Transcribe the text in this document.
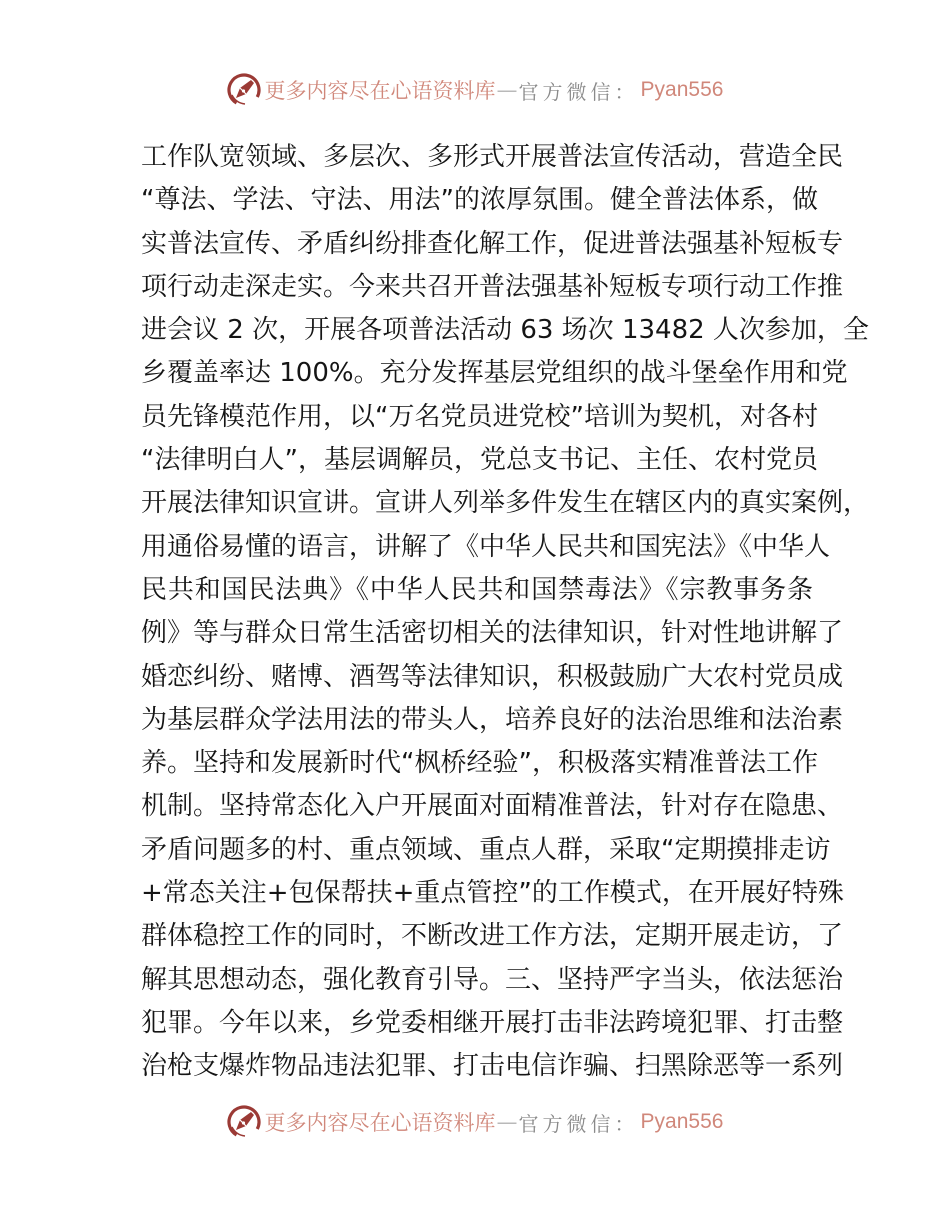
更多内容尽在心语资料库 — 官方微信： Pyan556
工作队宽领域、多层次、多形式开展普法宣传活动，营造全民
“尊法、学法、守法、用法”的浓厚氛围。健全普法体系，做
实普法宣传、矛盾纠纷排查化解工作，促进普法强基补短板专
项行动走深走实。今来共召开普法强基补短板专项行动工作推
进会议 2 次，开展各项普法活动 63 场次 13482 人次参加，全
乡覆盖率达 100%。充分发挥基层党组织的战斗堡垒作用和党
员先锋模范作用，以“万名党员进党校”培训为契机，对各村
“法律明白人”，基层调解员，党总支书记、主任、农村党员
开展法律知识宣讲。宣讲人列举多件发生在辖区内的真实案例，
用通俗易懂的语言，讲解了《中华人民共和国宪法》《中华人
民共和国民法典》《中华人民共和国禁毒法》《宗教事务条
例》等与群众日常生活密切相关的法律知识，针对性地讲解了
婚恋纠纷、赌博、酒驾等法律知识，积极鼓励广大农村党员成
为基层群众学法用法的带头人，培养良好的法治思维和法治素
养。坚持和发展新时代“枫桥经验”，积极落实精准普法工作
机制。坚持常态化入户开展面对面精准普法，针对存在隐患、
矛盾问题多的村、重点领域、重点人群，采取“定期摸排走访
+常态关注+包保帮扶+重点管控”的工作模式，在开展好特殊
群体稳控工作的同时，不断改进工作方法，定期开展走访，了
解其思想动态，强化教育引导。三、坚持严字当头，依法惩治
犯罪。今年以来，乡党委相继开展打击非法跨境犯罪、打击整
治枪支爆炸物品违法犯罪、打击电信诈骗、扫黑除恶等一系列
更多内容尽在心语资料库 — 官方微信： Pyan556
